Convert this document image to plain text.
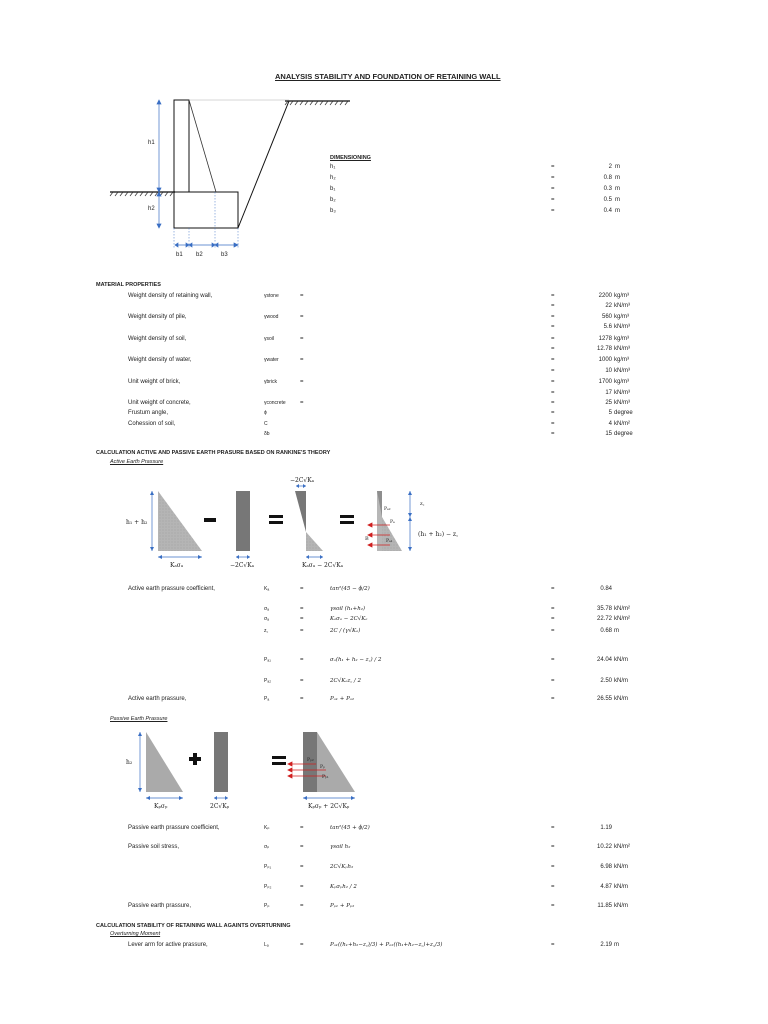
ANALYSIS STABILITY AND FOUNDATION OF RETAINING WALL
h1
h2
b1 b2	b3
DIMENSIONING
h₁	=	2 m
h₂	=	0.8 m
b₁	=	0.3 m
b₂	=	0.5 m
b₃	=	0.4 m
MATERIAL PROPERTIES
Weight density of retaining wall,	γstone	=	=	2200 kg/m³
=	22 kN/m³
Weight density of pile,	γwood	=	=	560 kg/m³
=	5.6 kN/m³
Weight density of soil,	γsoil	=	=	1278 kg/m³
=	12.78 kN/m³
Weight density of water,	γwater	=	=	1000 kg/m³
=	10 kN/m³
Unit weight of brick,	γbrick	=	=	1700 kg/m³
=	17 kN/m³
Unit weight of concrete,	γconcrete =	=	25 kN/m³
Frustum angle,	ϕ	=	5 degree
Cohession of soil,	C	=	4 kN/m²
δb	=	15 degree
CALCULATION ACTIVE AND PASSIVE EARTH PRASURE BASED ON RANKINE'S THEORY
Active Earth Prassure
h₁ + h₂
Kₐσₐ	−2C√Kₐ
−2C√Kₐ
Kₐσₐ − 2C√Kₐ
z꜀
(h₁ + h₂) − z꜀
Pₐ₂
Pₐ
Pₐ₁
B
Active earth prassure coefficient,	Kₐ	=	tan²(45 − ϕ/2)	=	0.84
σₐ	=	γsoil (h₁+h₂)	=	35.78 kN/m²
σₐ	=	Kₐσₐ − 2C√Kₐ	=	22.72 kN/m²
z꜀	=	2C / (γ√Kₐ)	=	0.68 m
Pₐ₁	=	σₐ(h₁ + h₂ − z꜀) / 2	=	24.04 kN/m
Pₐ₂	=	2C√Kₐz꜀ / 2	=	2.50 kN/m
Active earth prassure,	Pₐ	=	Pₐ₁ + Pₐ₂	=	26.55 kN/m
Passive Earth Prassure
h₂
Kₚσₚ	2C√Kₚ
Pₚ₂
Pₚ
Pₚ₁
Kₚσₚ + 2C√Kₚ
Passive earth prassure coefficient,	Kₚ	=	tan²(45 + ϕ/2)	=	1.19
Passive soil stress,	σₚ	=	γsoil h₂	=	10.22 kN/m²
Pₚ₁	=	2C√Kₚh₂	=	6.98 kN/m
Pₚ₂	=	Kₚσₚh₂ / 2	=	4.87 kN/m
Passive earth prassure,	Pₚ	=	Pₚ₁ + Pₚ₂	=	11.85 kN/m
CALCULATION STABILITY OF RETAINING WALL AGAINTS OVERTURNING
Overturning Moment
Lever arm for active prassure,	Lₐ	=	Pₐ₁((h₁+h₂−z꜀)/3) + Pₐ₂((h₁+h₂−z꜀)+z꜀/3)	=	2.19 m
